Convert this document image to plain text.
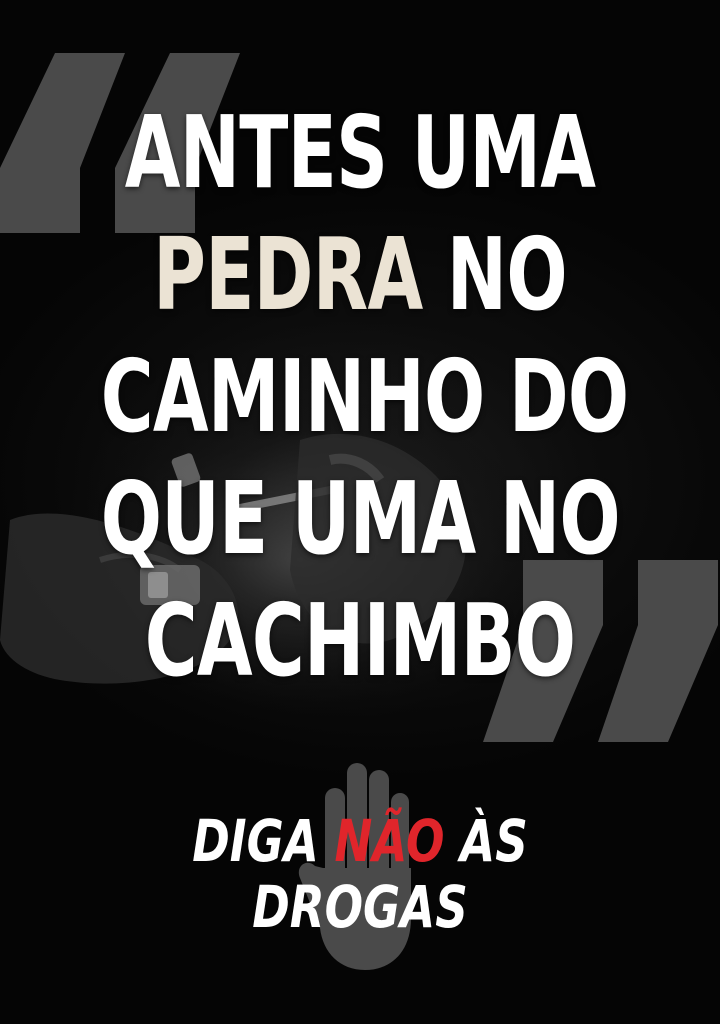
ANTES UMA
PEDRA NO
CAMINHO DO
QUE UMA NO
CACHIMBO
DIGA NÃO ÀS
DROGAS
